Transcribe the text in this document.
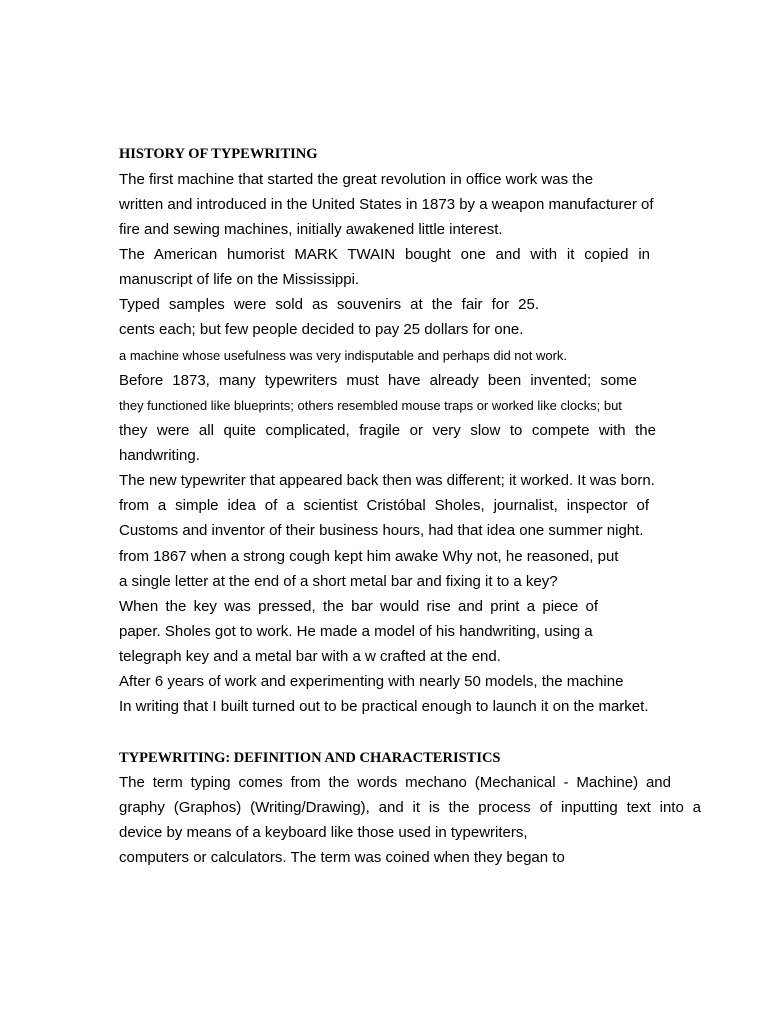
HISTORY OF TYPEWRITING

The first machine that started the great revolution in office work was the

written and introduced in the United States in 1873 by a weapon manufacturer of

fire and sewing machines, initially awakened little interest.

The American humorist MARK TWAIN bought one and with it copied in

manuscript of life on the Mississippi.

Typed samples were sold as souvenirs at the fair for 25.

cents each; but few people decided to pay 25 dollars for one.

a machine whose usefulness was very indisputable and perhaps did not work.

Before 1873, many typewriters must have already been invented; some

they functioned like blueprints; others resembled mouse traps or worked like clocks; but

they were all quite complicated, fragile or very slow to compete with the

handwriting.

The new typewriter that appeared back then was different; it worked. It was born.

from a simple idea of a scientist Cristóbal Sholes, journalist, inspector of

Customs and inventor of their business hours, had that idea one summer night.

from 1867 when a strong cough kept him awake Why not, he reasoned, put

a single letter at the end of a short metal bar and fixing it to a key?

When the key was pressed, the bar would rise and print a piece of

paper. Sholes got to work. He made a model of his handwriting, using a

telegraph key and a metal bar with a w crafted at the end.

After 6 years of work and experimenting with nearly 50 models, the machine

In writing that I built turned out to be practical enough to launch it on the market.

TYPEWRITING: DEFINITION AND CHARACTERISTICS

The term typing comes from the words mechano (Mechanical - Machine) and

graphy (Graphos) (Writing/Drawing), and it is the process of inputting text into a

device by means of a keyboard like those used in typewriters,

computers or calculators. The term was coined when they began to
